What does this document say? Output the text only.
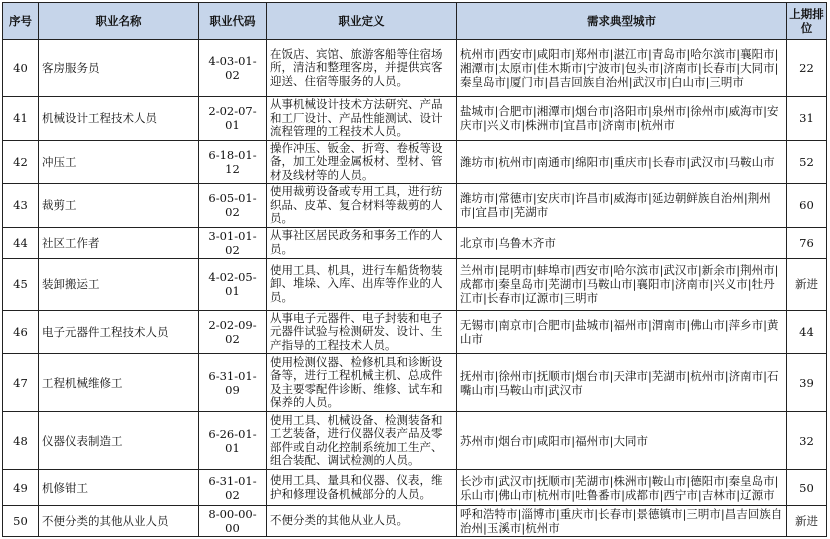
序号	职业名称	职业代码	职业定义	需求典型城市	上期排位
40	客房服务员	4-03-01-02	在饭店、宾馆、旅游客船等住宿场所，清洁和整理客房，并提供宾客迎送、住宿等服务的人员。	杭州市|西安市|咸阳市|郑州市|湛江市|青岛市|哈尔滨市|襄阳市|湘潭市|太原市|佳木斯市|宁波市|包头市|济南市|长春市|大同市|秦皇岛市|厦门市|昌吉回族自治州|武汉市|白山市|三明市	22
41	机械设计工程技术人员	2-02-07-01	从事机械设计技术方法研究、产品和工厂设计、产品性能测试、设计流程管理的工程技术人员。	盐城市|合肥市|湘潭市|烟台市|洛阳市|泉州市|徐州市|威海市|安庆市|兴义市|株洲市|宜昌市|济南市|杭州市	31
42	冲压工	6-18-01-12	操作冲压、钣金、折弯、卷板等设备，加工处理金属板材、型材、管材及线材等的人员。	潍坊市|杭州市|南通市|绵阳市|重庆市|长春市|武汉市|马鞍山市	52
43	裁剪工	6-05-01-02	使用裁剪设备或专用工具，进行纺织品、皮革、复合材料等裁剪的人员。	潍坊市|常德市|安庆市|许昌市|威海市|延边朝鲜族自治州|荆州市|宜昌市|芜湖市	60
44	社区工作者	3-01-01-02	从事社区居民政务和事务工作的人员。	北京市|乌鲁木齐市	76
45	装卸搬运工	4-02-05-01	使用工具、机具，进行车船货物装卸、堆垛、入库、出库等作业的人员。	兰州市|昆明市|蚌埠市|西安市|哈尔滨市|武汉市|新余市|荆州市|成都市|秦皇岛市|芜湖市|马鞍山市|襄阳市|济南市|兴义市|牡丹江市|长春市|辽源市|三明市	新进
46	电子元器件工程技术人员	2-02-09-02	从事电子元器件、电子封装和电子元器件试验与检测研发、设计、生产指导的工程技术人员。	无锡市|南京市|合肥市|盐城市|福州市|渭南市|佛山市|萍乡市|黄山市	44
47	工程机械维修工	6-31-01-09	使用检测仪器、检修机具和诊断设备等，进行工程机械主机、总成件及主要零配件诊断、维修、试车和保养的人员。	抚州市|徐州市|抚顺市|烟台市|天津市|芜湖市|杭州市|济南市|石嘴山市|马鞍山市|武汉市	39
48	仪器仪表制造工	6-26-01-01	使用工具、机械设备、检测装备和工艺装备，进行仪器仪表产品及零部件或自动化控制系统加工生产、组合装配、调试检测的人员。	苏州市|烟台市|咸阳市|福州市|大同市	32
49	机修钳工	6-31-01-02	使用工具、量具和仪器、仪表，维护和修理设备机械部分的人员。	长沙市|武汉市|抚顺市|芜湖市|株洲市|鞍山市|德阳市|秦皇岛市|乐山市|佛山市|杭州市|吐鲁番市|成都市|西宁市|吉林市|辽源市	50
50	不便分类的其他从业人员	8-00-00-00	不便分类的其他从业人员。	呼和浩特市|淄博市|重庆市|长春市|景德镇市|三明市|昌吉回族自治州|玉溪市|杭州市	新进
